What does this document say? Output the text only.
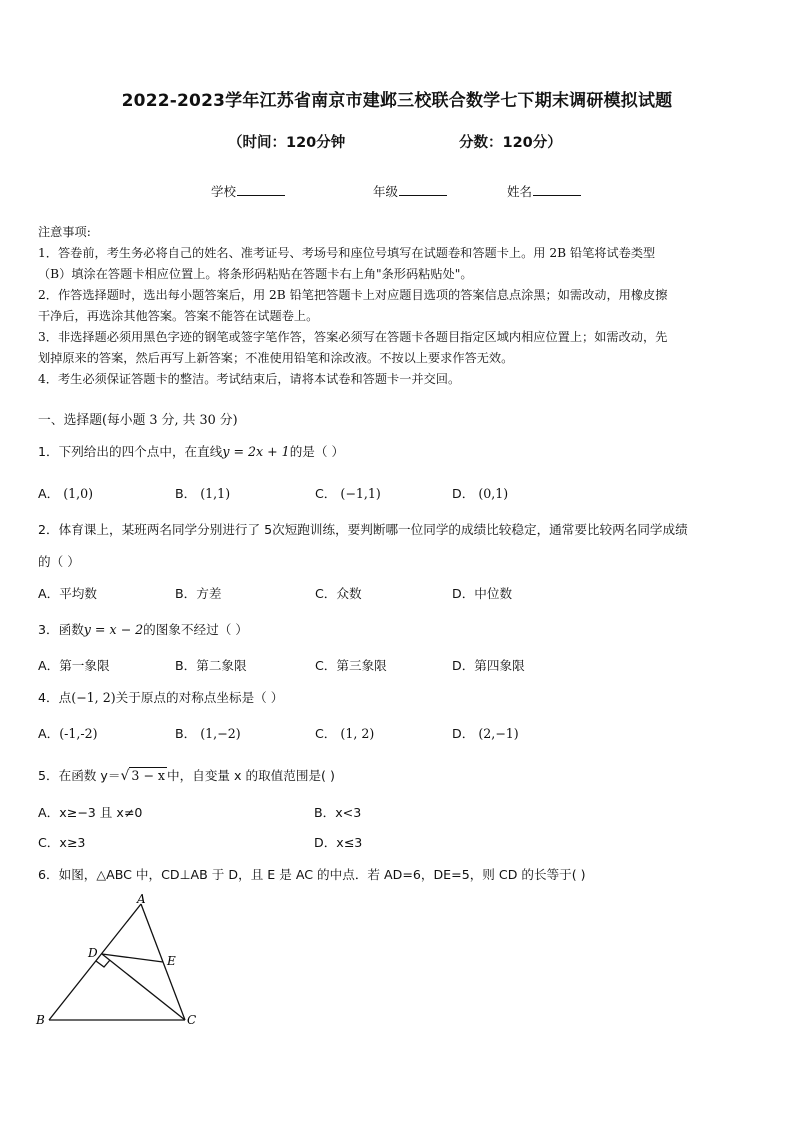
2022-2023学年江苏省南京市建邺三校联合数学七下期末调研模拟试题
（时间：120分钟	分数：120分）
学校	年级	姓名
注意事项:
1．答卷前，考生务必将自己的姓名、准考证号、考场号和座位号填写在试题卷和答题卡上。用 2B 铅笔将试卷类型
（B）填涂在答题卡相应位置上。将条形码粘贴在答题卡右上角"条形码粘贴处"。
2．作答选择题时，选出每小题答案后，用 2B 铅笔把答题卡上对应题目选项的答案信息点涂黑；如需改动，用橡皮擦
干净后，再选涂其他答案。答案不能答在试题卷上。
3．非选择题必须用黑色字迹的钢笔或签字笔作答，答案必须写在答题卡各题目指定区域内相应位置上；如需改动，先
划掉原来的答案，然后再写上新答案；不准使用铅笔和涂改液。不按以上要求作答无效。
4．考生必须保证答题卡的整洁。考试结束后，请将本试卷和答题卡一并交回。
一、选择题(每小题 3 分, 共 30 分)
1．下列给出的四个点中，在直线y = 2x + 1的是（ ）
A． (1,0)	B． (1,1)	C． (−1,1)	D． (0,1)
2．体育课上，某班两名同学分别进行了 5次短跑训练，要判断哪一位同学的成绩比较稳定，通常要比较两名同学成绩
的（ ）
A．平均数	B．方差	C．众数	D．中位数
3．函数y = x − 2的图象不经过（ ）
A．第一象限	B．第二象限	C．第三象限	D．第四象限
4．点(−1, 2)关于原点的对称点坐标是（ ）
A．(-1,-2)	B． (1,−2)	C． (1, 2)	D． (2,−1)
5．在函数 y＝√ 3 − x 中，自变量 x 的取值范围是( )
A．x≥−3 且 x≠0	B．x<3
C．x≥3	D．x≤3
6．如图，△ABC 中，CD⊥AB 于 D，且 E 是 AC 的中点．若 AD=6，DE=5，则 CD 的长等于( )
A
D
E
B	C
